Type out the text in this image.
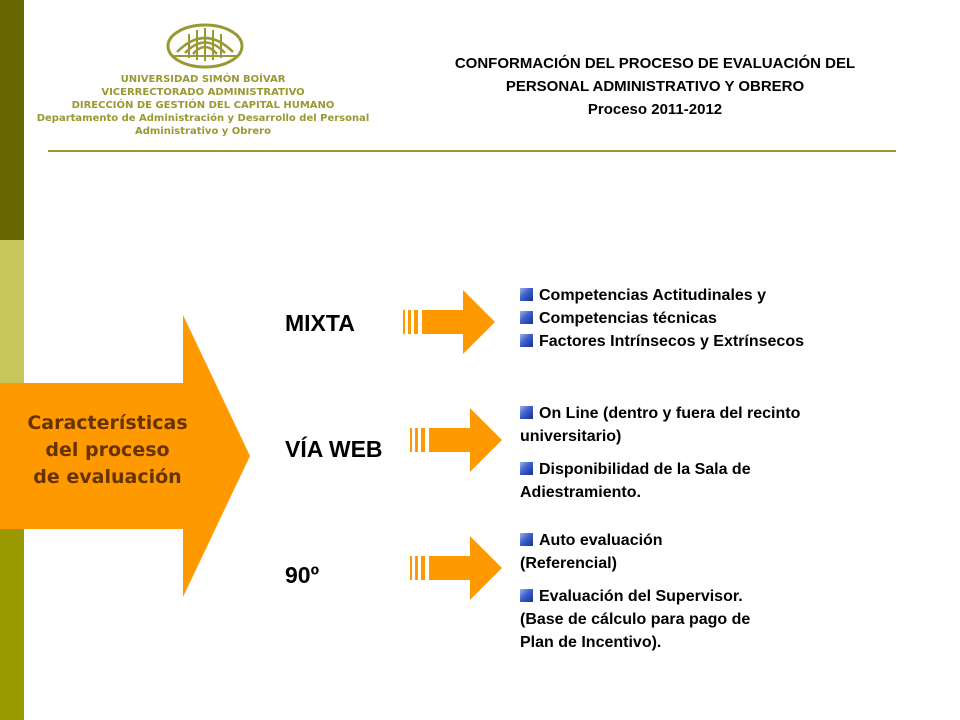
UNIVERSIDAD SIMÓN BOÍVAR
VICERRECTORADO ADMINISTRATIVO
DIRECCIÓN DE GESTIÓN DEL CAPITAL HUMANO
Departamento de Administración y Desarrollo del Personal
Administrativo y Obrero
CONFORMACIÓN DEL PROCESO DE EVALUACIÓN DEL
PERSONAL ADMINISTRATIVO Y OBRERO
Proceso 2011-2012
Características
del proceso
de evaluación
MIXTA
VÍA WEB
90º
Competencias Actitudinales y
Competencias técnicas
Factores Intrínsecos y Extrínsecos
On Line (dentro y fuera del recinto
universitario)
Disponibilidad de la Sala de
Adiestramiento.
Auto evaluación
(Referencial)
Evaluación del Supervisor.
(Base de cálculo para pago de
Plan de Incentivo).
